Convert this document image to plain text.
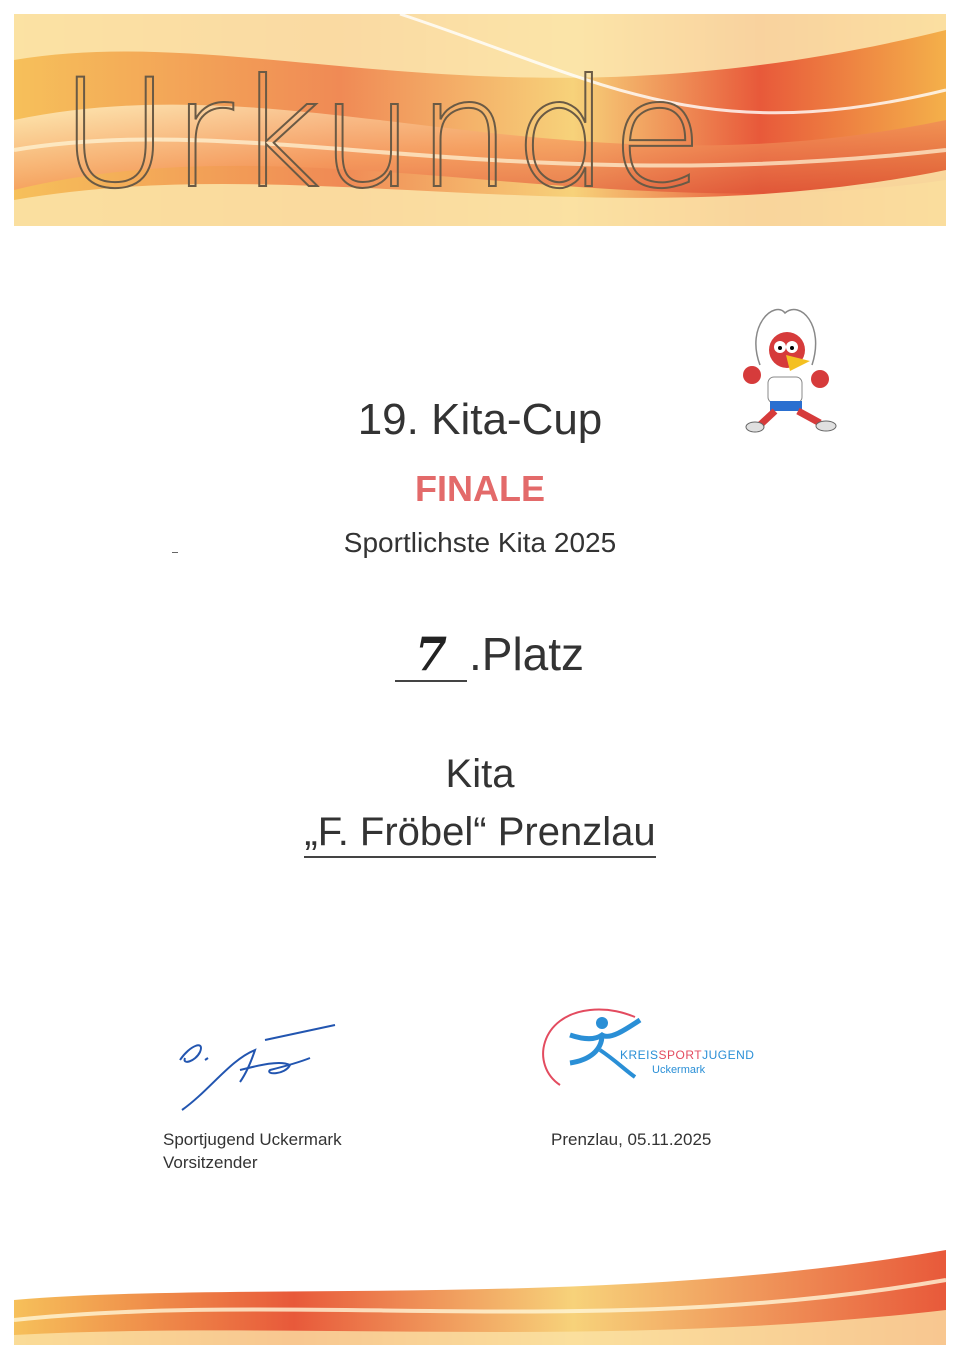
Urkunde
19. Kita-Cup
FINALE
Sportlichste Kita 2025
7 .Platz
Kita
„F. Fröbel“ Prenzlau
KREISSPORTJUGEND
Uckermark
Sportjugend Uckermark
Vorsitzender
Prenzlau, 05.11.2025
